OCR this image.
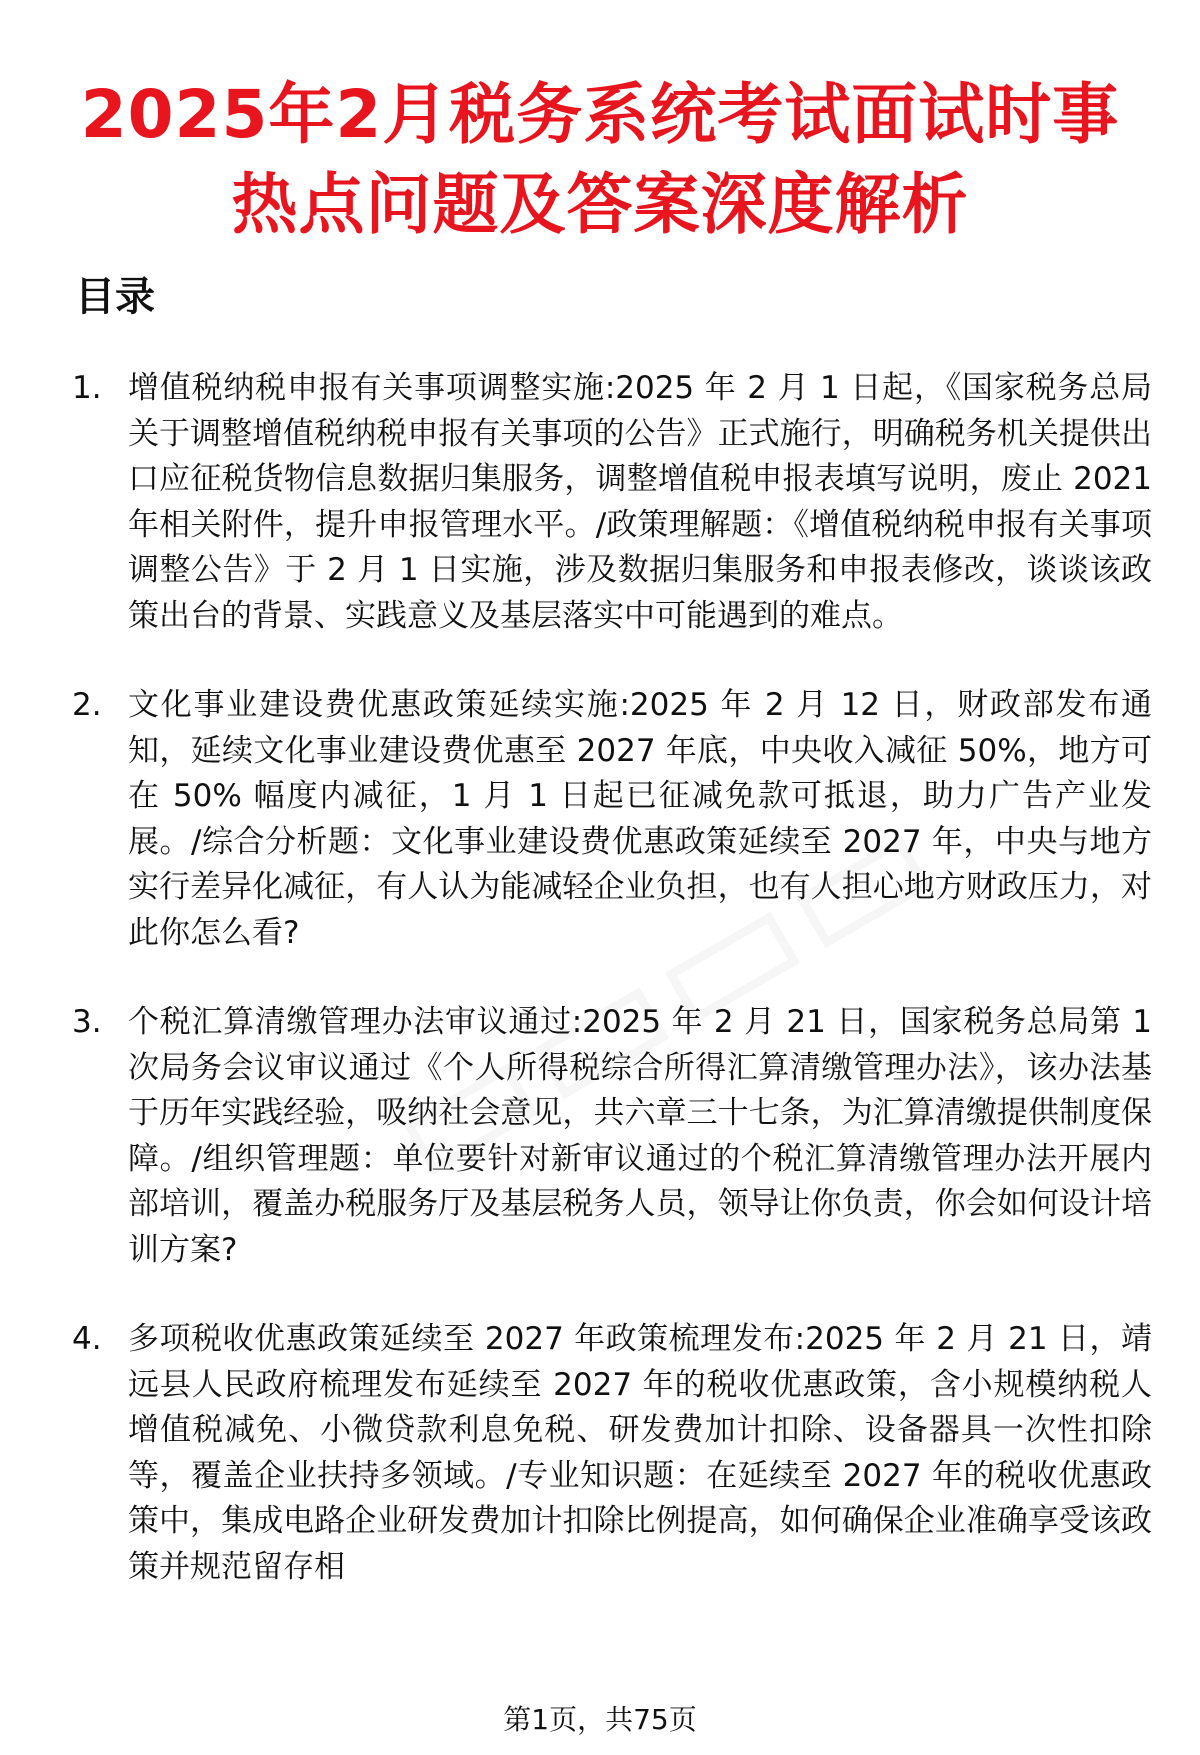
2025年2月税务系统考试面试时事
热点问题及答案深度解析
目录
1. 增值税纳税申报有关事项调整实施:2025 年 2 月 1 日起，《国家税务总局关于调整增值税纳税申报有关事项的公告》正式施行，明确税务机关提供出口应征税货物信息数据归集服务，调整增值税申报表填写说明，废止 2021 年相关附件，提升申报管理水平。/政策理解题：《增值税纳税申报有关事项调整公告》于 2 月 1 日实施，涉及数据归集服务和申报表修改，谈谈该政策出台的背景、实践意义及基层落实中可能遇到的难点。
2. 文化事业建设费优惠政策延续实施:2025 年 2 月 12 日，财政部发布通知，延续文化事业建设费优惠至 2027 年底，中央收入减征 50%，地方可在 50% 幅度内减征，1 月 1 日起已征减免款可抵退，助力广告产业发展。/综合分析题：文化事业建设费优惠政策延续至 2027 年，中央与地方实行差异化减征，有人认为能减轻企业负担，也有人担心地方财政压力，对此你怎么看?
3. 个税汇算清缴管理办法审议通过:2025 年 2 月 21 日，国家税务总局第 1 次局务会议审议通过《个人所得税综合所得汇算清缴管理办法》，该办法基于历年实践经验，吸纳社会意见，共六章三十七条，为汇算清缴提供制度保障。/组织管理题：单位要针对新审议通过的个税汇算清缴管理办法开展内部培训，覆盖办税服务厅及基层税务人员，领导让你负责，你会如何设计培训方案?
4. 多项税收优惠政策延续至 2027 年政策梳理发布:2025 年 2 月 21 日，靖远县人民政府梳理发布延续至 2027 年的税收优惠政策，含小规模纳税人增值税减免、小微贷款利息免税、研发费加计扣除、设备器具一次性扣除等，覆盖企业扶持多领域。/专业知识题：在延续至 2027 年的税收优惠政策中，集成电路企业研发费加计扣除比例提高，如何确保企业准确享受该政策并规范留存相
第1页，共75页
